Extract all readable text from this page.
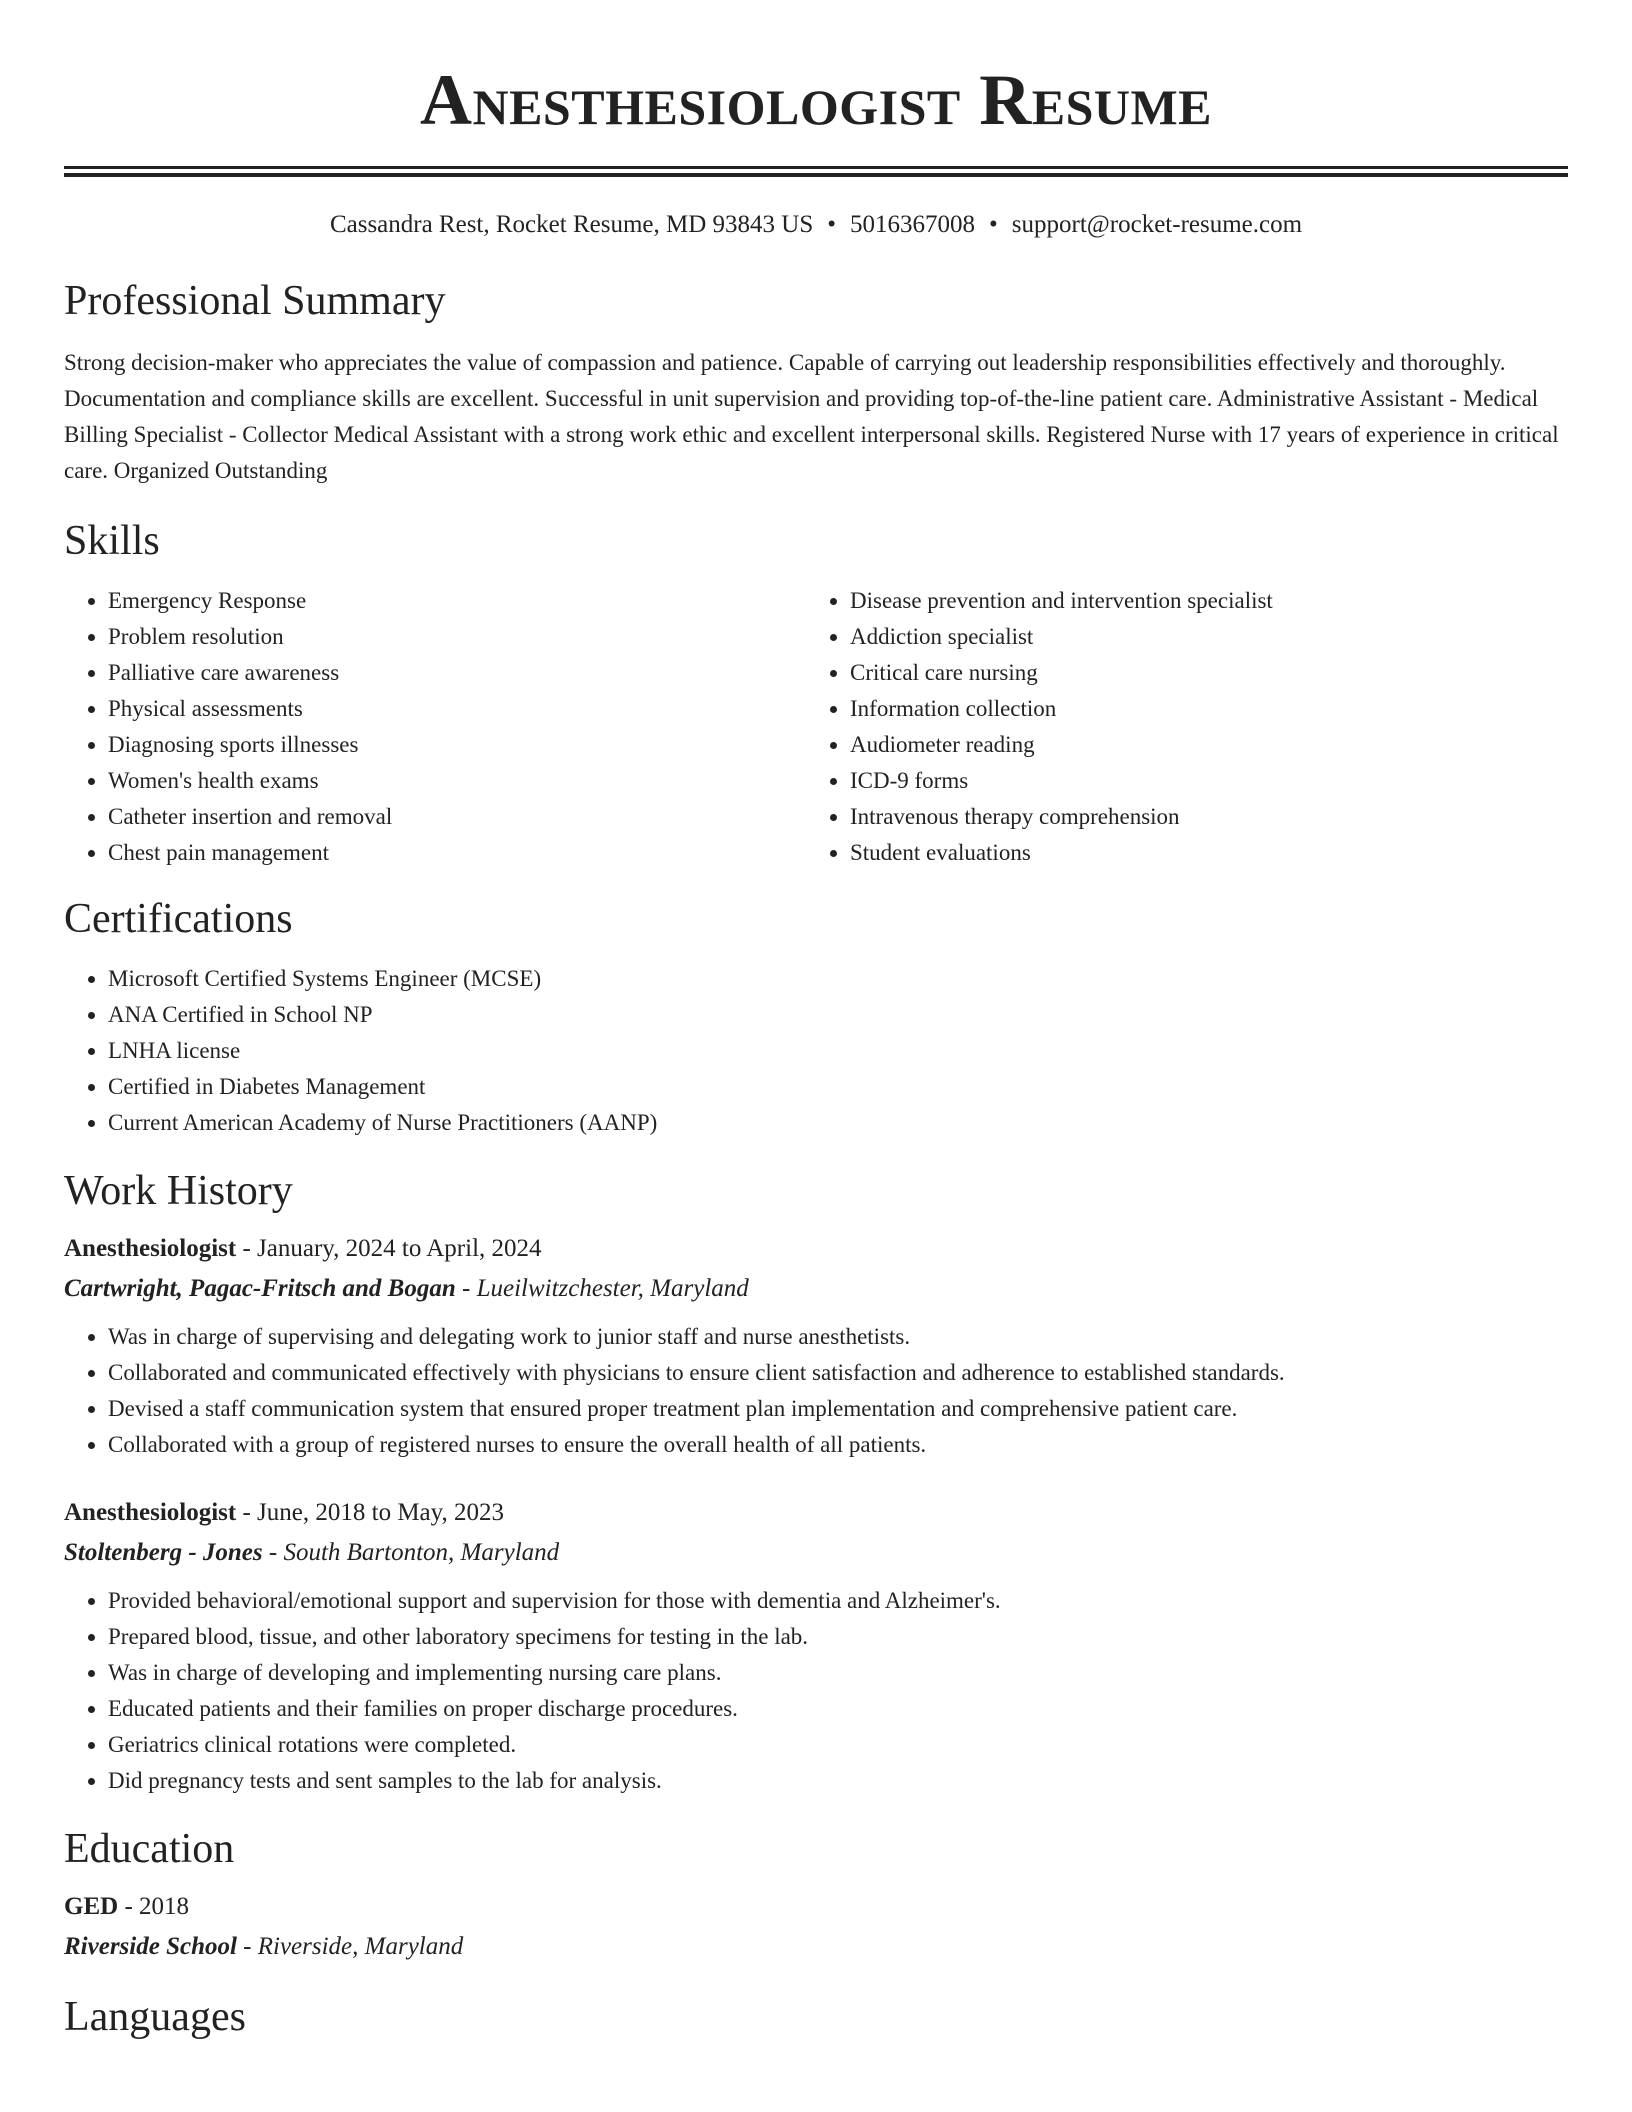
Anesthesiologist Resume
Cassandra Rest, Rocket Resume, MD 93843 US • 5016367008 • support@rocket-resume.com
Professional Summary
Strong decision-maker who appreciates the value of compassion and patience. Capable of carrying out leadership responsibilities effectively and thoroughly. Documentation and compliance skills are excellent. Successful in unit supervision and providing top-of-the-line patient care. Administrative Assistant - Medical Billing Specialist - Collector Medical Assistant with a strong work ethic and excellent interpersonal skills. Registered Nurse with 17 years of experience in critical care. Organized Outstanding
Skills
• Emergency Response
• Problem resolution
• Palliative care awareness
• Physical assessments
• Diagnosing sports illnesses
• Women's health exams
• Catheter insertion and removal
• Chest pain management
• Disease prevention and intervention specialist
• Addiction specialist
• Critical care nursing
• Information collection
• Audiometer reading
• ICD-9 forms
• Intravenous therapy comprehension
• Student evaluations
Certifications
• Microsoft Certified Systems Engineer (MCSE)
• ANA Certified in School NP
• LNHA license
• Certified in Diabetes Management
• Current American Academy of Nurse Practitioners (AANP)
Work History
Anesthesiologist - January, 2024 to April, 2024
Cartwright, Pagac-Fritsch and Bogan - Lueilwitzchester, Maryland
• Was in charge of supervising and delegating work to junior staff and nurse anesthetists.
• Collaborated and communicated effectively with physicians to ensure client satisfaction and adherence to established standards.
• Devised a staff communication system that ensured proper treatment plan implementation and comprehensive patient care.
• Collaborated with a group of registered nurses to ensure the overall health of all patients.
Anesthesiologist - June, 2018 to May, 2023
Stoltenberg - Jones - South Bartonton, Maryland
• Provided behavioral/emotional support and supervision for those with dementia and Alzheimer's.
• Prepared blood, tissue, and other laboratory specimens for testing in the lab.
• Was in charge of developing and implementing nursing care plans.
• Educated patients and their families on proper discharge procedures.
• Geriatrics clinical rotations were completed.
• Did pregnancy tests and sent samples to the lab for analysis.
Education
GED - 2018
Riverside School - Riverside, Maryland
Languages
